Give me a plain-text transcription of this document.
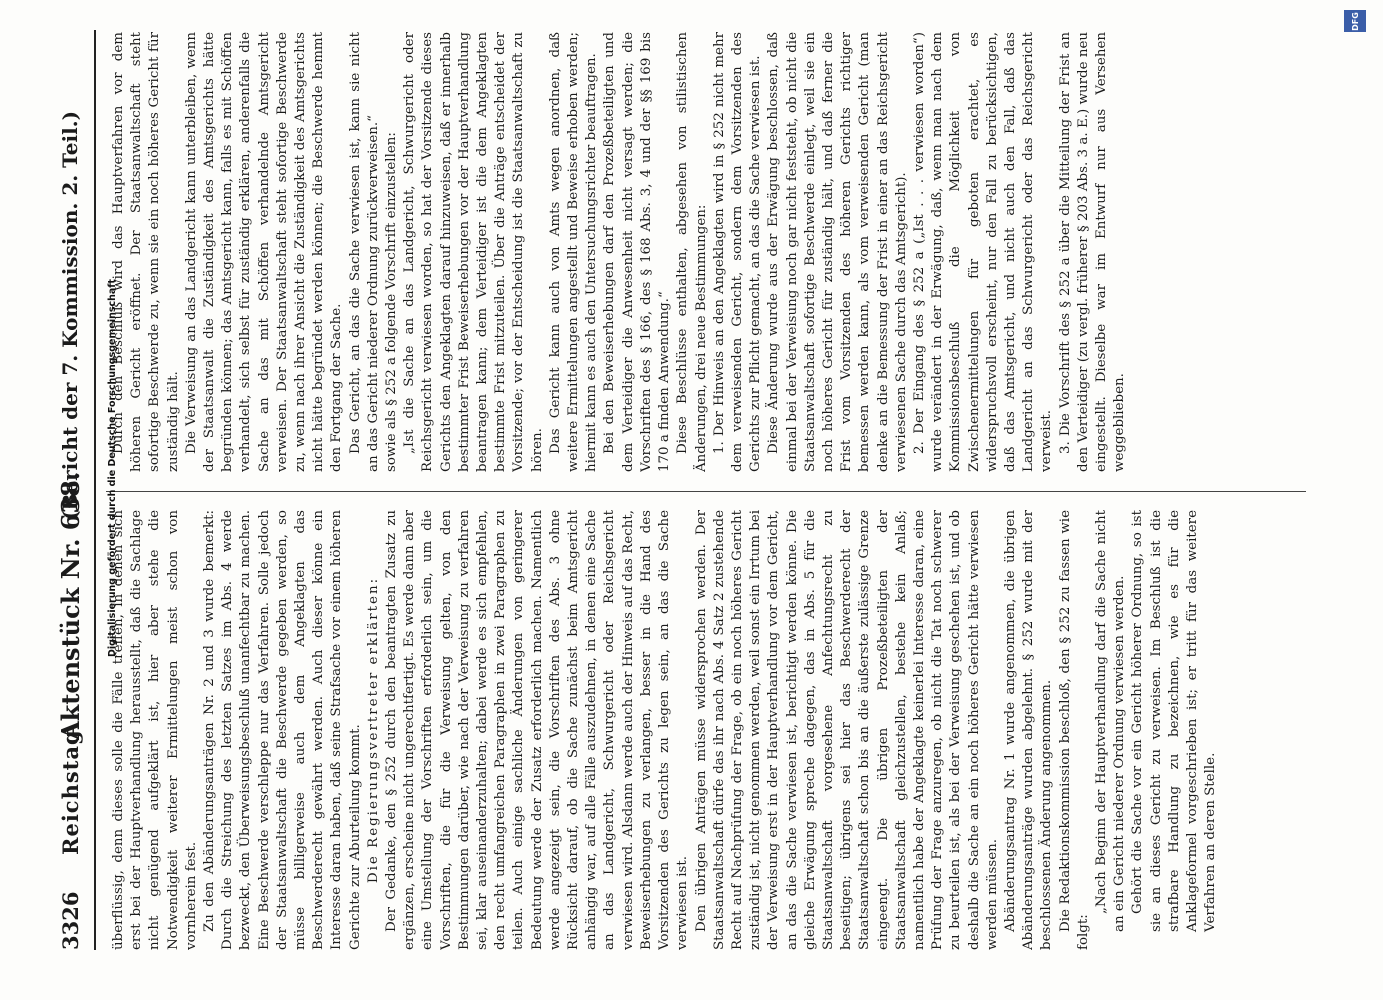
3326
Reichstag.
Aktenstück Nr. 638.
(Bericht der 7. Kommission. 2. Teil.)

überflüssig, denn dieses solle die Fälle treffen, in denen sich erst bei der Hauptverhandlung herausstellt, daß die Sachlage nicht genügend aufgeklärt ist, hier aber stehe die Notwendigkeit weiterer Ermittelungen meist schon von vornherein fest. Zu den Abänderungsanträgen Nr. 2 und 3 wurde bemerkt: Durch die Streichung des letzten Satzes im Abs. 4 werde bezweckt, den Überweisungsbeschluß unanfechtbar zu machen. Eine Beschwerde verschleppe nur das Verfahren. Solle jedoch der Staatsanwaltschaft die Beschwerde gegeben werden, so müsse billigerweise auch dem Angeklagten das Beschwerderecht gewährt werden. Auch dieser könne ein Interesse daran haben, daß seine Strafsache vor einem höheren Gerichte zur Aburteilung kommt. Die Regierungsvertreter erklärten: Der Gedanke, den § 252 durch den beantragten Zusatz zu ergänzen, erscheine nicht ungerechtfertigt. Es werde dann aber eine Umstellung der Vorschriften erforderlich sein, um die Vorschriften, die für die Verweisung gelten, von den Bestimmungen darüber, wie nach der Verweisung zu verfahren sei, klar auseinanderzuhalten; dabei werde es sich empfehlen, den recht umfangreichen Paragraphen in zwei Paragraphen zu teilen. Auch einige sachliche Änderungen von geringerer Bedeutung werde der Zusatz erforderlich machen. Namentlich werde angezeigt sein, die Vorschriften des Abs. 3 ohne Rücksicht darauf, ob die Sache zunächst beim Amtsgericht anhängig war, auf alle Fälle auszudehnen, in denen eine Sache an das Landgericht, Schwurgericht oder Reichsgericht verwiesen wird. Alsdann werde auch der Hinweis auf das Recht, Beweiserhebungen zu verlangen, besser in die Hand des Vorsitzenden des Gerichts zu legen sein, an das die Sache verwiesen ist. Den übrigen Anträgen müsse widersprochen werden. Der Staatsanwaltschaft dürfe das ihr nach Abs. 4 Satz 2 zustehende Recht auf Nachprüfung der Frage, ob ein noch höheres Gericht zuständig ist, nicht genommen werden, weil sonst ein Irrtum bei der Verweisung erst in der Hauptverhandlung vor dem Gericht, an das die Sache verwiesen ist, berichtigt werden könne. Die gleiche Erwägung spreche dagegen, das in Abs. 5 für die Staatsanwaltschaft vorgesehene Anfechtungsrecht zu beseitigen; übrigens sei hier das Beschwerderecht der Staatsanwaltschaft schon bis an die äußerste zulässige Grenze eingeengt. Die übrigen Prozeßbeteiligten der Staatsanwaltschaft gleichzustellen, bestehe kein Anlaß; namentlich habe der Angeklagte keinerlei Interesse daran, eine Prüfung der Frage anzuregen, ob nicht die Tat noch schwerer zu beurteilen ist, als bei der Verweisung geschehen ist, und ob deshalb die Sache an ein noch höheres Gericht hätte verwiesen werden müssen. Abänderungsantrag Nr. 1 wurde angenommen, die übrigen Abänderungsanträge wurden abgelehnt. § 252 wurde mit der beschlossenen Änderung angenommen. Die Redaktionskommission beschloß, den § 252 zu fassen wie folgt:

„Nach Beginn der Hauptverhandlung darf die Sache nicht an ein Gericht niederer Ordnung verwiesen werden. Gehört die Sache vor ein Gericht höherer Ordnung, so ist sie an dieses Gericht zu verweisen. Im Beschluß ist die strafbare Handlung zu bezeichnen, wie es für die Anklageformel vorgeschrieben ist; er tritt für das weitere Verfahren an deren Stelle.

Durch den Beschluß wird das Hauptverfahren vor dem höheren Gericht eröffnet. Der Staatsanwaltschaft steht sofortige Beschwerde zu, wenn sie ein noch höheres Gericht für zuständig hält. Die Verweisung an das Landgericht kann unterbleiben, wenn der Staatsanwalt die Zuständigkeit des Amtsgerichts hätte begründen können; das Amtsgericht kann, falls es mit Schöffen verhandelt, sich selbst für zuständig erklären, anderenfalls die Sache an das mit Schöffen verhandelnde Amtsgericht verweisen. Der Staatsanwaltschaft steht sofortige Beschwerde zu, wenn nach ihrer Ansicht die Zuständigkeit des Amtsgerichts nicht hätte begründet werden können; die Beschwerde hemmt den Fortgang der Sache. Das Gericht, an das die Sache verwiesen ist, kann sie nicht an das Gericht niederer Ordnung zurückverweisen.“ sowie als § 252 a folgende Vorschrift einzustellen: „Ist die Sache an das Landgericht, Schwurgericht oder Reichsgericht verwiesen worden, so hat der Vorsitzende dieses Gerichts den Angeklagten darauf hinzuweisen, daß er innerhalb bestimmter Frist Beweiserhebungen vor der Hauptverhandlung beantragen kann; dem Verteidiger ist die dem Angeklagten bestimmte Frist mitzuteilen. Über die Anträge entscheidet der Vorsitzende; vor der Entscheidung ist die Staatsanwaltschaft zu hören. Das Gericht kann auch von Amts wegen anordnen, daß weitere Ermittelungen angestellt und Beweise erhoben werden; hiermit kann es auch den Untersuchungsrichter beauftragen. Bei den Beweiserhebungen darf den Prozeßbeteiligten und dem Verteidiger die Anwesenheit nicht versagt werden; die Vorschriften des § 166, des § 168 Abs. 3, 4 und der §§ 169 bis 170 a finden Anwendung.“ Diese Beschlüsse enthalten, abgesehen von stilistischen Änderungen, drei neue Bestimmungen: 1. Der Hinweis an den Angeklagten wird in § 252 nicht mehr dem verweisenden Gericht, sondern dem Vorsitzenden des Gerichts zur Pflicht gemacht, an das die Sache verwiesen ist. Diese Änderung wurde aus der Erwägung beschlossen, daß einmal bei der Verweisung noch gar nicht feststeht, ob nicht die Staatsanwaltschaft sofortige Beschwerde einlegt, weil sie ein noch höheres Gericht für zuständig hält, und daß ferner die Frist vom Vorsitzenden des höheren Gerichts richtiger bemessen werden kann, als vom verweisenden Gericht (man denke an die Bemessung der Frist in einer an das Reichsgericht verwiesenen Sache durch das Amtsgericht). 2. Der Eingang des § 252 a („Ist . . . verwiesen worden“) wurde verändert in der Erwägung, daß, wenn man nach dem Kommissionsbeschluß die Möglichkeit von Zwischenermittelungen für geboten erachtet, es widerspruchsvoll erscheint, nur den Fall zu berücksichtigen, daß das Amtsgericht, und nicht auch den Fall, daß das Landgericht an das Schwurgericht oder das Reichsgericht verweist. 3. Die Vorschrift des § 252 a über die Mitteilung der Frist an den Verteidiger (zu vergl. früherer § 203 Abs. 3 a. E.) wurde neu eingestellt. Dieselbe war im Entwurf nur aus Versehen weggeblieben.

DFG
Digitalisierung gefördert durch die Deutsche Forschungsgemeinschaft
